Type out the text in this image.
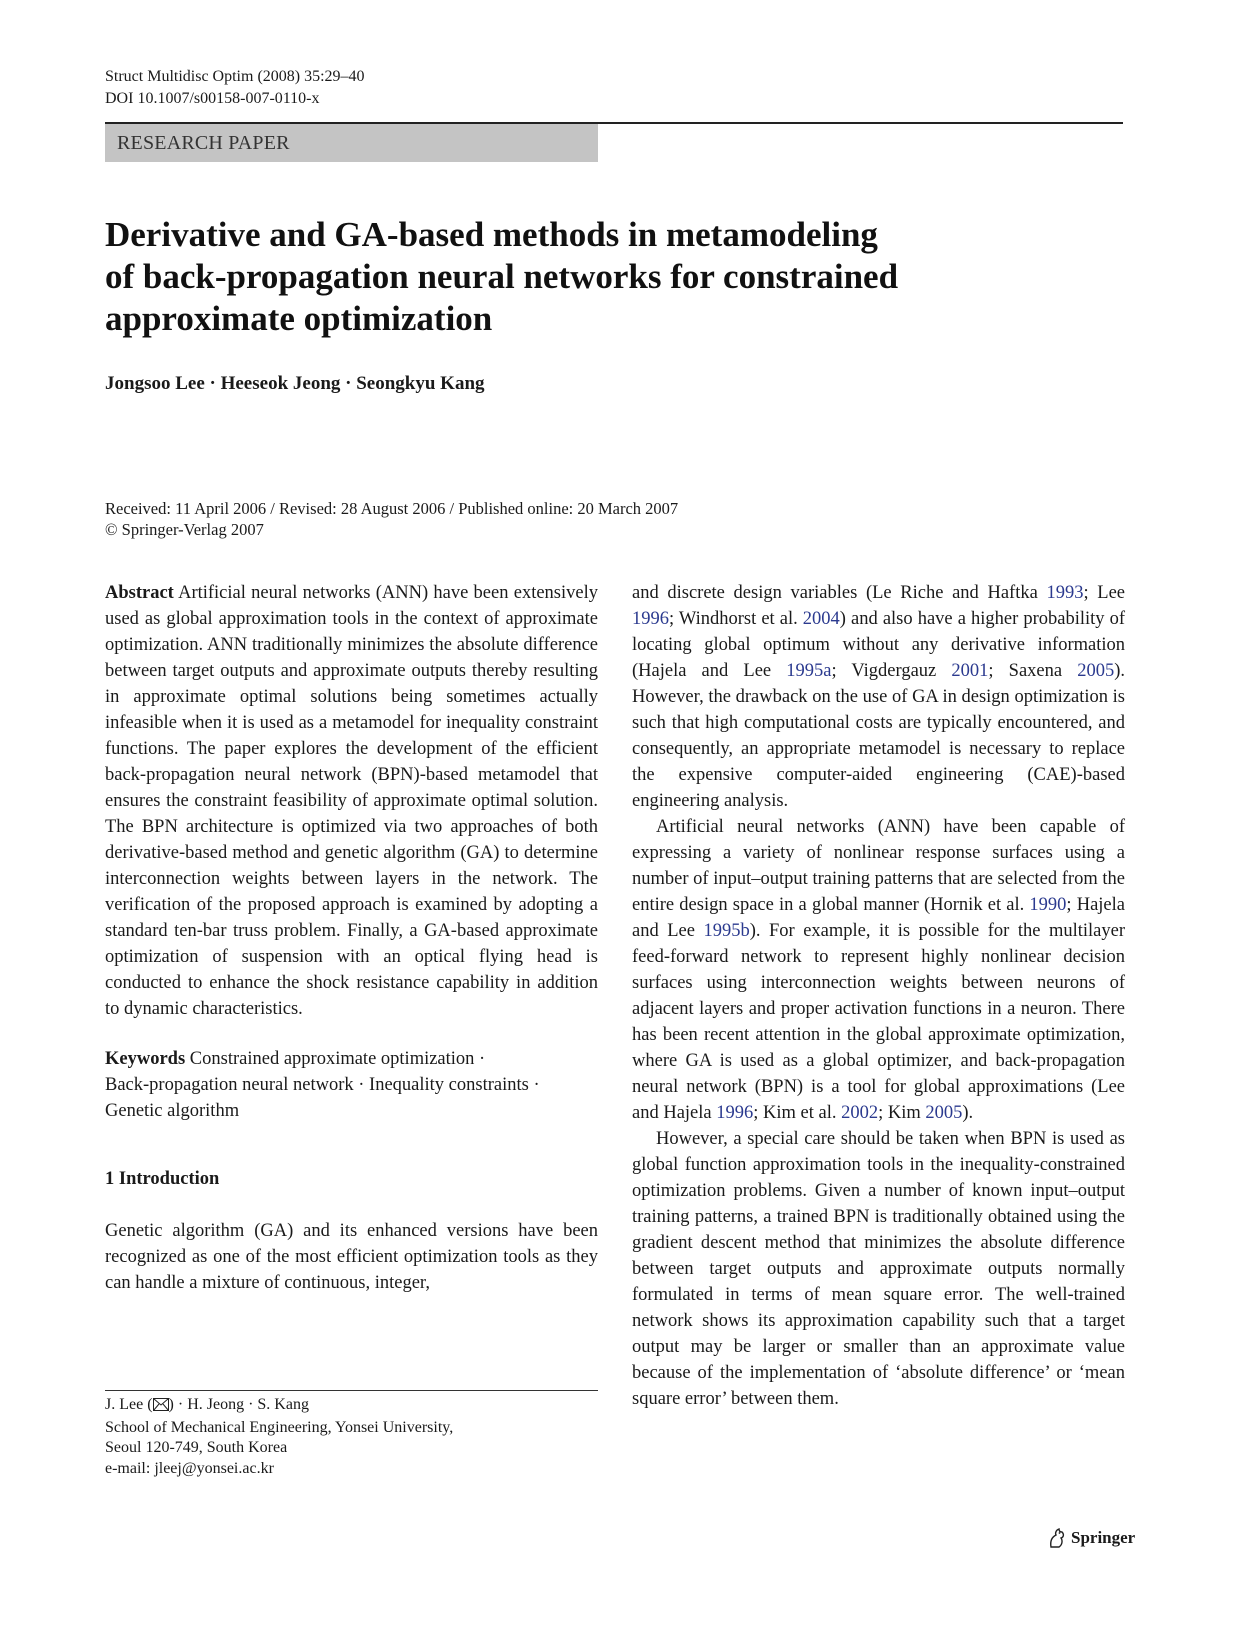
Struct Multidisc Optim (2008) 35:29–40
DOI 10.1007/s00158-007-0110-x
RESEARCH PAPER
Derivative and GA-based methods in metamodeling
of back-propagation neural networks for constrained
approximate optimization
Jongsoo Lee · Heeseok Jeong · Seongkyu Kang
Received: 11 April 2006 / Revised: 28 August 2006 / Published online: 20 March 2007
© Springer-Verlag 2007

Abstract Artificial neural networks (ANN) have been extensively used as global approximation tools in the context of approximate optimization. ANN traditionally minimizes the absolute difference between target outputs and approximate outputs thereby resulting in approximate optimal solutions being sometimes actually infeasible when it is used as a metamodel for inequality constraint functions. The paper explores the development of the efficient back-propagation neural network (BPN)-based metamodel that ensures the constraint feasibility of approximate optimal solution. The BPN architecture is optimized via two approaches of both derivative-based method and genetic algorithm (GA) to determine interconnection weights between layers in the network. The verification of the proposed approach is examined by adopting a standard ten-bar truss problem. Finally, a GA-based approximate optimization of suspension with an optical flying head is conducted to enhance the shock resistance capability in addition to dynamic characteristics.

Keywords Constrained approximate optimization ·
Back-propagation neural network · Inequality constraints ·
Genetic algorithm

1 Introduction

Genetic algorithm (GA) and its enhanced versions have been recognized as one of the most efficient optimization tools as they can handle a mixture of continuous, integer,

and discrete design variables (Le Riche and Haftka 1993; Lee 1996; Windhorst et al. 2004) and also have a higher probability of locating global optimum without any derivative information (Hajela and Lee 1995a; Vigdergauz 2001; Saxena 2005). However, the drawback on the use of GA in design optimization is such that high computational costs are typically encountered, and consequently, an appropriate metamodel is necessary to replace the expensive computer-aided engineering (CAE)-based engineering analysis.

Artificial neural networks (ANN) have been capable of expressing a variety of nonlinear response surfaces using a number of input–output training patterns that are selected from the entire design space in a global manner (Hornik et al. 1990; Hajela and Lee 1995b). For example, it is possible for the multilayer feed-forward network to represent highly nonlinear decision surfaces using interconnection weights between neurons of adjacent layers and proper activation functions in a neuron. There has been recent attention in the global approximate optimization, where GA is used as a global optimizer, and back-propagation neural network (BPN) is a tool for global approximations (Lee and Hajela 1996; Kim et al. 2002; Kim 2005).

However, a special care should be taken when BPN is used as global function approximation tools in the inequality-constrained optimization problems. Given a number of known input–output training patterns, a trained BPN is traditionally obtained using the gradient descent method that minimizes the absolute difference between target outputs and approximate outputs normally formulated in terms of mean square error. The well-trained network shows its approximation capability such that a target output may be larger or smaller than an approximate value because of the implementation of ‘absolute difference’ or ‘mean square error’ between them.

J. Lee ( ) · H. Jeong · S. Kang
School of Mechanical Engineering, Yonsei University,
Seoul 120-749, South Korea
e-mail: jleej@yonsei.ac.kr
Springer
